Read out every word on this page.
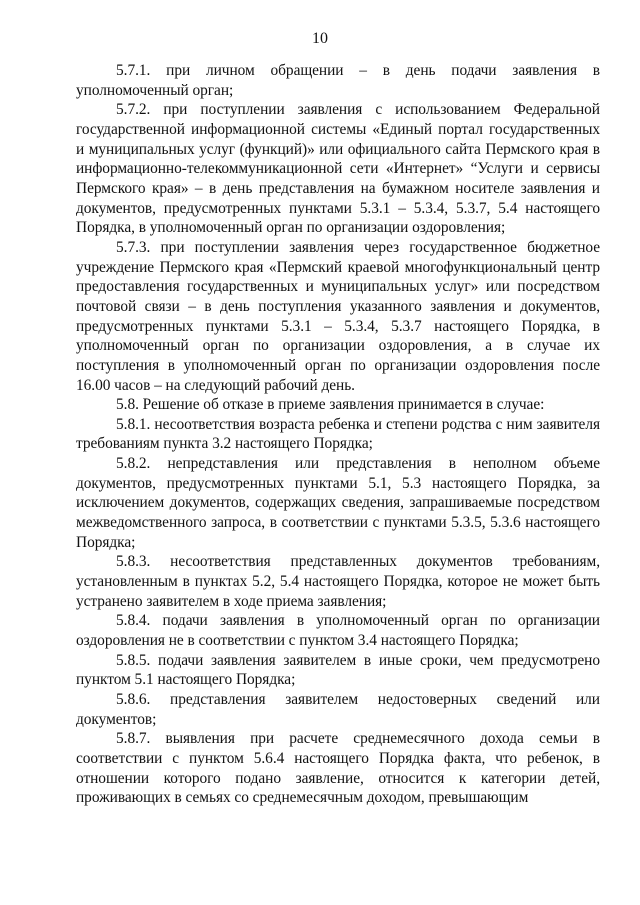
10

5.7.1. при личном обращении – в день подачи заявления в уполномоченный орган;

5.7.2. при поступлении заявления с использованием Федеральной государственной информационной системы «Единый портал государственных и муниципальных услуг (функций)» или официального сайта Пермского края в информационно-телекоммуникационной сети «Интернет» “Услуги и сервисы Пермского края» – в день представления на бумажном носителе заявления и документов, предусмотренных пунктами 5.3.1 – 5.3.4, 5.3.7, 5.4 настоящего Порядка, в уполномоченный орган по организации оздоровления;

5.7.3. при поступлении заявления через государственное бюджетное учреждение Пермского края «Пермский краевой многофункциональный центр предоставления государственных и муниципальных услуг» или посредством почтовой связи – в день поступления указанного заявления и документов, предусмотренных пунктами 5.3.1 – 5.3.4, 5.3.7 настоящего Порядка, в уполномоченный орган по организации оздоровления, а в случае их поступления в уполномоченный орган по организации оздоровления после 16.00 часов – на следующий рабочий день.

5.8. Решение об отказе в приеме заявления принимается в случае:

5.8.1. несоответствия возраста ребенка и степени родства с ним заявителя требованиям пункта 3.2 настоящего Порядка;

5.8.2. непредставления или представления в неполном объеме документов, предусмотренных пунктами 5.1, 5.3 настоящего Порядка, за исключением документов, содержащих сведения, запрашиваемые посредством межведомственного запроса, в соответствии с пунктами 5.3.5, 5.3.6 настоящего Порядка;

5.8.3. несоответствия представленных документов требованиям, установленным в пунктах 5.2, 5.4 настоящего Порядка, которое не может быть устранено заявителем в ходе приема заявления;

5.8.4. подачи заявления в уполномоченный орган по организации оздоровления не в соответствии с пунктом 3.4 настоящего Порядка;

5.8.5. подачи заявления заявителем в иные сроки, чем предусмотрено пунктом 5.1 настоящего Порядка;

5.8.6. представления заявителем недостоверных сведений или документов;

5.8.7. выявления при расчете среднемесячного дохода семьи в соответствии с пунктом 5.6.4 настоящего Порядка факта, что ребенок, в отношении которого подано заявление, относится к категории детей, проживающих в семьях со среднемесячным доходом, превышающим
